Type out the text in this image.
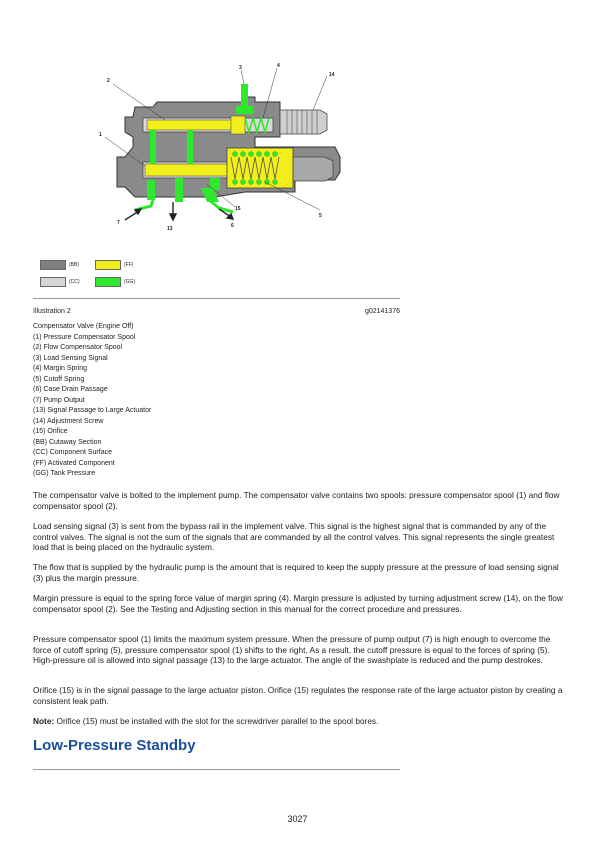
2
1
3	4
14
5
6
7
13
15
(BB)	(FF)
(CC)	(GG)
Illustration 2	g02141376
Compensator Valve (Engine Off)
(1) Pressure Compensator Spool
(2) Flow Compensator Spool
(3) Load Sensing Signal
(4) Margin Spring
(5) Cutoff Spring
(6) Case Drain Passage
(7) Pump Output
(13) Signal Passage to Large Actuator
(14) Adjustment Screw
(15) Orifice
(BB) Cutaway Section
(CC) Component Surface
(FF) Activated Component
(GG) Tank Pressure
The compensator valve is bolted to the implement pump. The compensator valve contains two spools: pressure compensator spool (1) and flow compensator spool (2).
Load sensing signal (3) is sent from the bypass rail in the implement valve. This signal is the highest signal that is commanded by any of the control valves. The signal is not the sum of the signals that are commanded by all the control valves. This signal represents the single greatest load that is being placed on the hydraulic system.
The flow that is supplied by the hydraulic pump is the amount that is required to keep the supply pressure at the pressure of load sensing signal (3) plus the margin pressure.
Margin pressure is equal to the spring force value of margin spring (4). Margin pressure is adjusted by turning adjustment screw (14), on the flow compensator spool (2). See the Testing and Adjusting section in this manual for the correct procedure and pressures.
Pressure compensator spool (1) limits the maximum system pressure. When the pressure of pump output (7) is high enough to overcome the force of cutoff spring (5), pressure compensator spool (1) shifts to the right. As a result, the cutoff pressure is equal to the forces of spring (5). High-pressure oil is allowed into signal passage (13) to the large actuator. The angle of the swashplate is reduced and the pump destrokes.
Orifice (15) is in the signal passage to the large actuator piston. Orifice (15) regulates the response rate of the large actuator piston by creating a consistent leak path.
Note: Orifice (15) must be installed with the slot for the screwdriver parallel to the spool bores.
Low-Pressure Standby
3027
